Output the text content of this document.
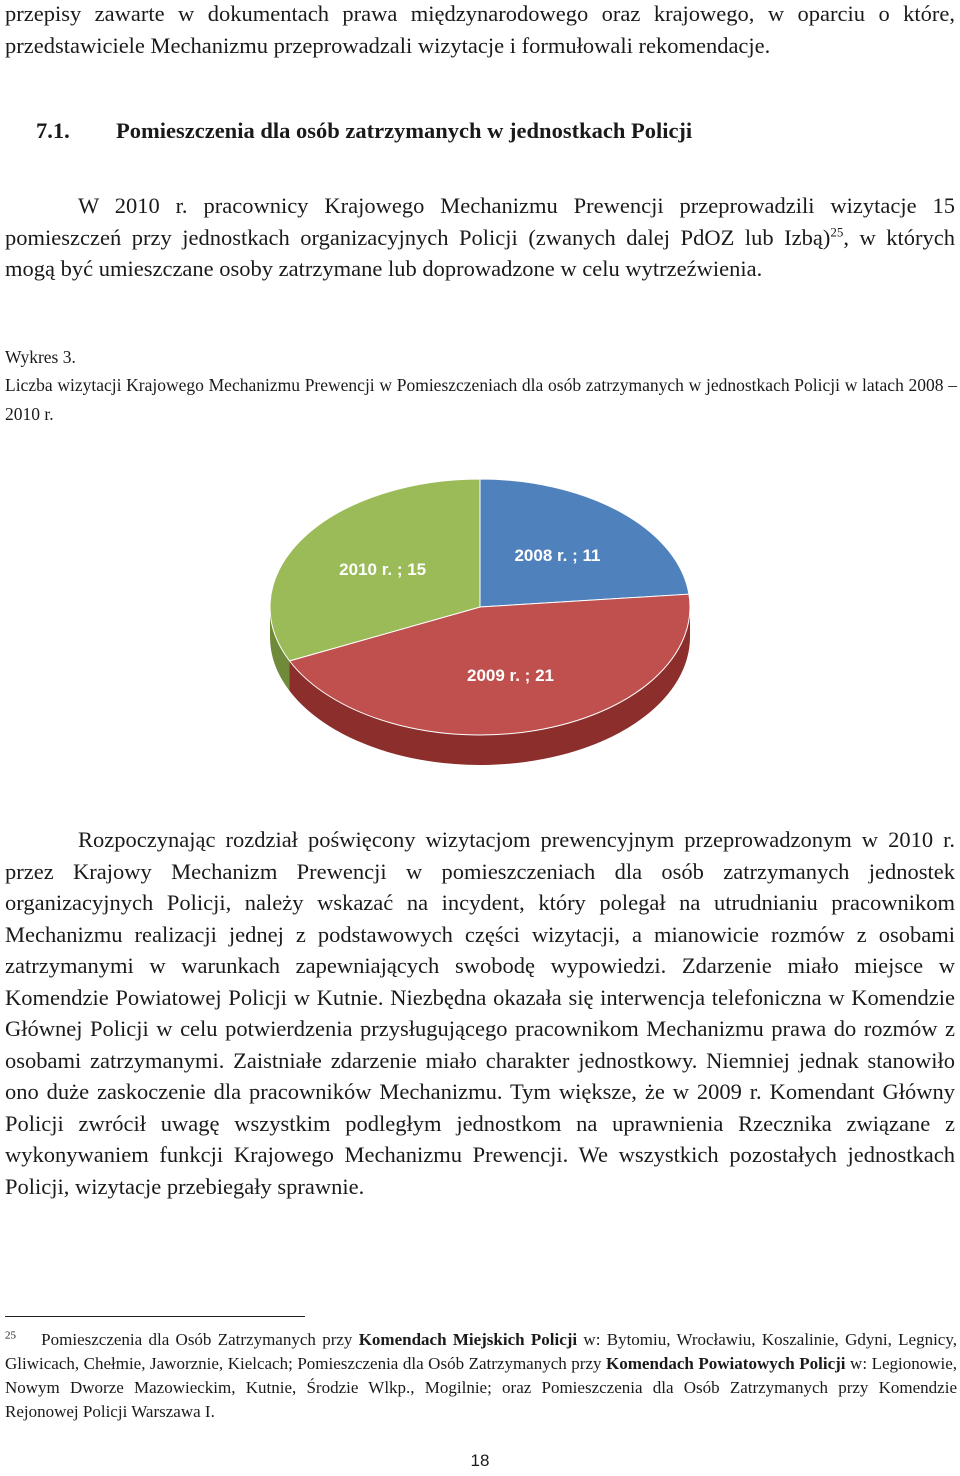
przepisy zawarte w dokumentach prawa międzynarodowego oraz krajowego, w oparciu o które, przedstawiciele Mechanizmu przeprowadzali wizytacje i formułowali rekomendacje.

7.1. Pomieszczenia dla osób zatrzymanych w jednostkach Policji

W 2010 r. pracownicy Krajowego Mechanizmu Prewencji przeprowadzili wizytacje 15 pomieszczeń przy jednostkach organizacyjnych Policji (zwanych dalej PdOZ lub Izbą)$^{25}$, w których mogą być umieszczane osoby zatrzymane lub doprowadzone w celu wytrzeźwienia.

Wykres 3.
Liczba wizytacji Krajowego Mechanizmu Prewencji w Pomieszczeniach dla osób zatrzymanych w jednostkach Policji w latach 2008 – 2010 r.
2008 r. ; 11
2009 r. ; 21
2010 r. ; 15

Rozpoczynając rozdział poświęcony wizytacjom prewencyjnym przeprowadzonym w 2010 r. przez Krajowy Mechanizm Prewencji w pomieszczeniach dla osób zatrzymanych jednostek organizacyjnych Policji, należy wskazać na incydent, który polegał na utrudnianiu pracownikom Mechanizmu realizacji jednej z podstawowych części wizytacji, a mianowicie rozmów z osobami zatrzymanymi w warunkach zapewniających swobodę wypowiedzi. Zdarzenie miało miejsce w Komendzie Powiatowej Policji w Kutnie. Niezbędna okazała się interwencja telefoniczna w Komendzie Głównej Policji w celu potwierdzenia przysługującego pracownikom Mechanizmu prawa do rozmów z osobami zatrzymanymi. Zaistniałe zdarzenie miało charakter jednostkowy. Niemniej jednak stanowiło ono duże zaskoczenie dla pracowników Mechanizmu. Tym większe, że w 2009 r. Komendant Główny Policji zwrócił uwagę wszystkim podległym jednostkom na uprawnienia Rzecznika związane z wykonywaniem funkcji Krajowego Mechanizmu Prewencji. We wszystkich pozostałych jednostkach Policji, wizytacje przebiegały sprawnie.

$^{25}$ Pomieszczenia dla Osób Zatrzymanych przy Komendach Miejskich Policji w: Bytomiu, Wrocławiu, Koszalinie, Gdyni, Legnicy, Gliwicach, Chełmie, Jaworznie, Kielcach; Pomieszczenia dla Osób Zatrzymanych przy Komendach Powiatowych Policji w: Legionowie, Nowym Dworze Mazowieckim, Kutnie, Środzie Wlkp., Mogilnie; oraz Pomieszczenia dla Osób Zatrzymanych przy Komendzie Rejonowej Policji Warszawa I.
18
